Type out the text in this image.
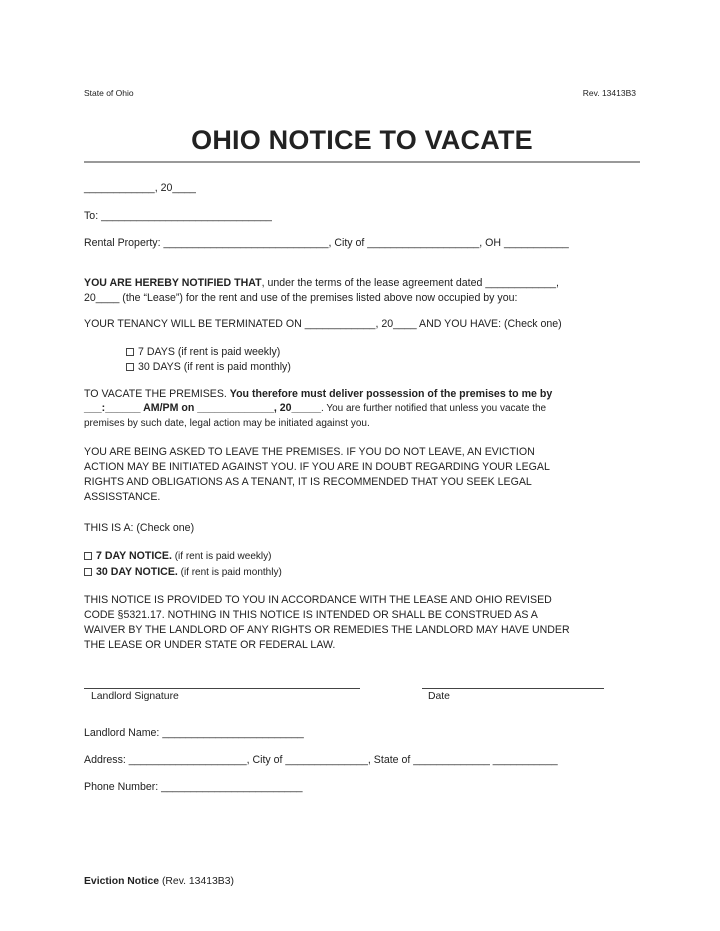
State of Ohio	Rev. 13413B3
OHIO NOTICE TO VACATE
____________, 20____
To: _____________________________
Rental Property: ____________________________, City of ___________________, OH ___________
YOU ARE HEREBY NOTIFIED THAT, under the terms of the lease agreement dated ____________,
20____ (the “Lease”) for the rent and use of the premises listed above now occupied by you:
YOUR TENANCY WILL BE TERMINATED ON ____________, 20____ AND YOU HAVE: (Check one)
7 DAYS (if rent is paid weekly)
30 DAYS (if rent is paid monthly)
TO VACATE THE PREMISES. You therefore must deliver possession of the premises to me by
___:______ AM/PM on _____________, 20_____. You are further notified that unless you vacate the
premises by such date, legal action may be initiated against you.
YOU ARE BEING ASKED TO LEAVE THE PREMISES. IF YOU DO NOT LEAVE, AN EVICTION
ACTION MAY BE INITIATED AGAINST YOU. IF YOU ARE IN DOUBT REGARDING YOUR LEGAL
RIGHTS AND OBLIGATIONS AS A TENANT, IT IS RECOMMENDED THAT YOU SEEK LEGAL
ASSISSTANCE.
THIS IS A: (Check one)
7 DAY NOTICE. (if rent is paid weekly)
30 DAY NOTICE. (if rent is paid monthly)
THIS NOTICE IS PROVIDED TO YOU IN ACCORDANCE WITH THE LEASE AND OHIO REVISED
CODE §5321.17. NOTHING IN THIS NOTICE IS INTENDED OR SHALL BE CONSTRUED AS A
WAIVER BY THE LANDLORD OF ANY RIGHTS OR REMEDIES THE LANDLORD MAY HAVE UNDER
THE LEASE OR UNDER STATE OR FEDERAL LAW.
Landlord Signature	Date
Landlord Name: ________________________
Address: ____________________, City of ______________, State of _____________ ___________
Phone Number: ________________________
Eviction Notice (Rev. 13413B3)
